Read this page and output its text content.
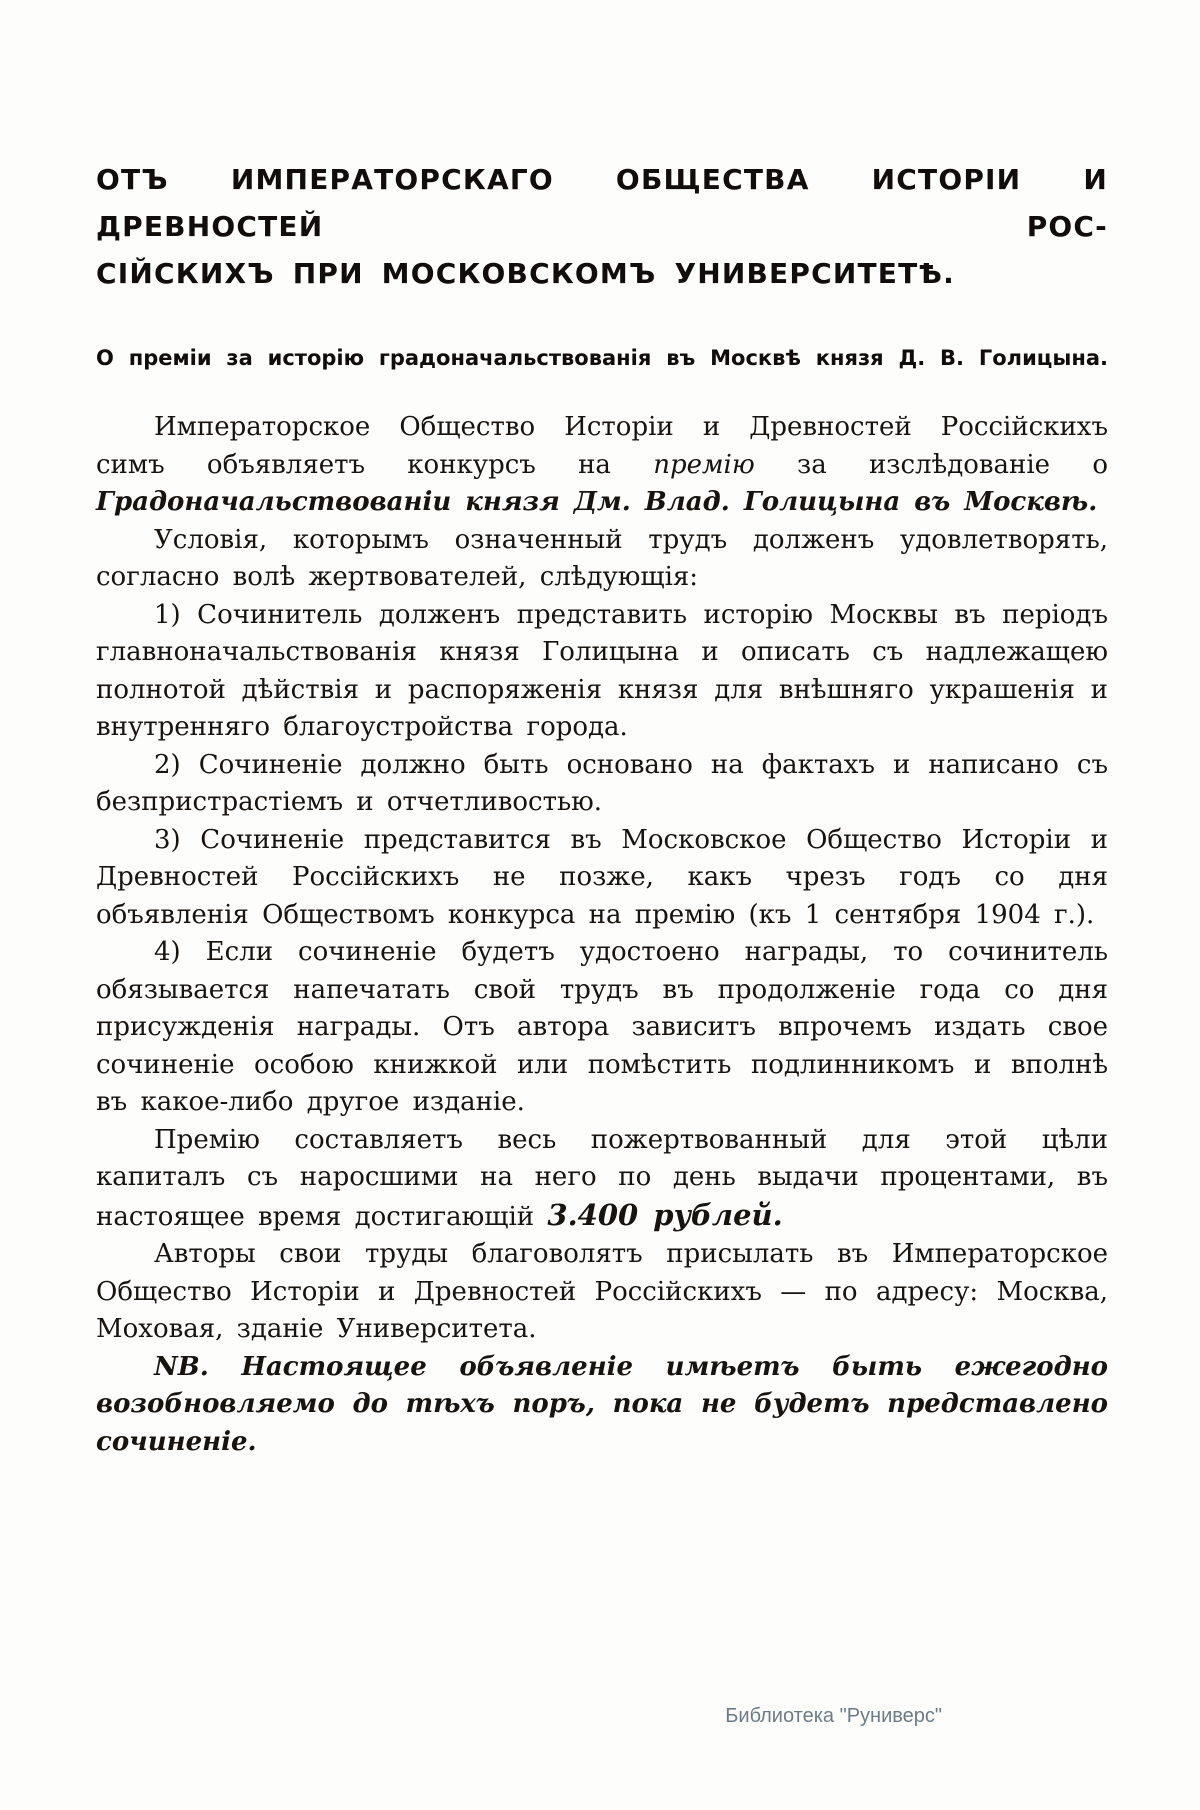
ОТЪ ИМПЕРАТОРСКАГО ОБЩЕСТВА ИСТОРІИ И ДРЕВНОСТЕЙ РОС-
СІЙСКИХЪ ПРИ МОСКОВСКОМЪ УНИВЕРСИТЕТѢ.
О преміи за исторію градоначальствованія въ Москвѣ князя Д. В. Голицына.

Императорское Общество Исторіи и Древностей Россійскихъ симъ объявляетъ конкурсъ на премію за изслѣдованіе о Градоначальствованіи князя Дм. Влад. Голицына въ Москвѣ.

Условія, которымъ означенный трудъ долженъ удовлетворять, согласно волѣ жертвователей, слѣдующія:

1) Сочинитель долженъ представить исторію Москвы въ періодъ главноначальствованія князя Голицына и описать съ надлежащею полнотой дѣйствія и распоряженія князя для внѣшняго украшенія и внутренняго благоустройства города.

2) Сочиненіе должно быть основано на фактахъ и написано съ безпристрастіемъ и отчетливостью.

3) Сочиненіе представится въ Московское Общество Исторіи и Древностей Россійскихъ не позже, какъ чрезъ годъ со дня объявленія Обществомъ конкурса на премію (къ 1 сентября 1904 г.).

4) Если сочиненіе будетъ удостоено награды, то сочинитель обязывается напечатать свой трудъ въ продолженіе года со дня присужденія награды. Отъ автора зависитъ впрочемъ издать свое сочиненіе особою книжкой или помѣстить подлинникомъ и вполнѣ въ какое-либо другое изданіе.

Премію составляетъ весь пожертвованный для этой цѣли капиталъ съ наросшими на него по день выдачи процентами, въ настоящее время достигающій 3.400 рублей.

Авторы свои труды благоволятъ присылать въ Императорское Общество Исторіи и Древностей Россійскихъ — по адресу: Москва, Моховая, зданіе Университета.

NB. Настоящее объявленіе имѣетъ быть ежегодно возобновляемо до тѣхъ поръ, пока не будетъ представлено сочиненіе.

Библиотека "Руниверс"
